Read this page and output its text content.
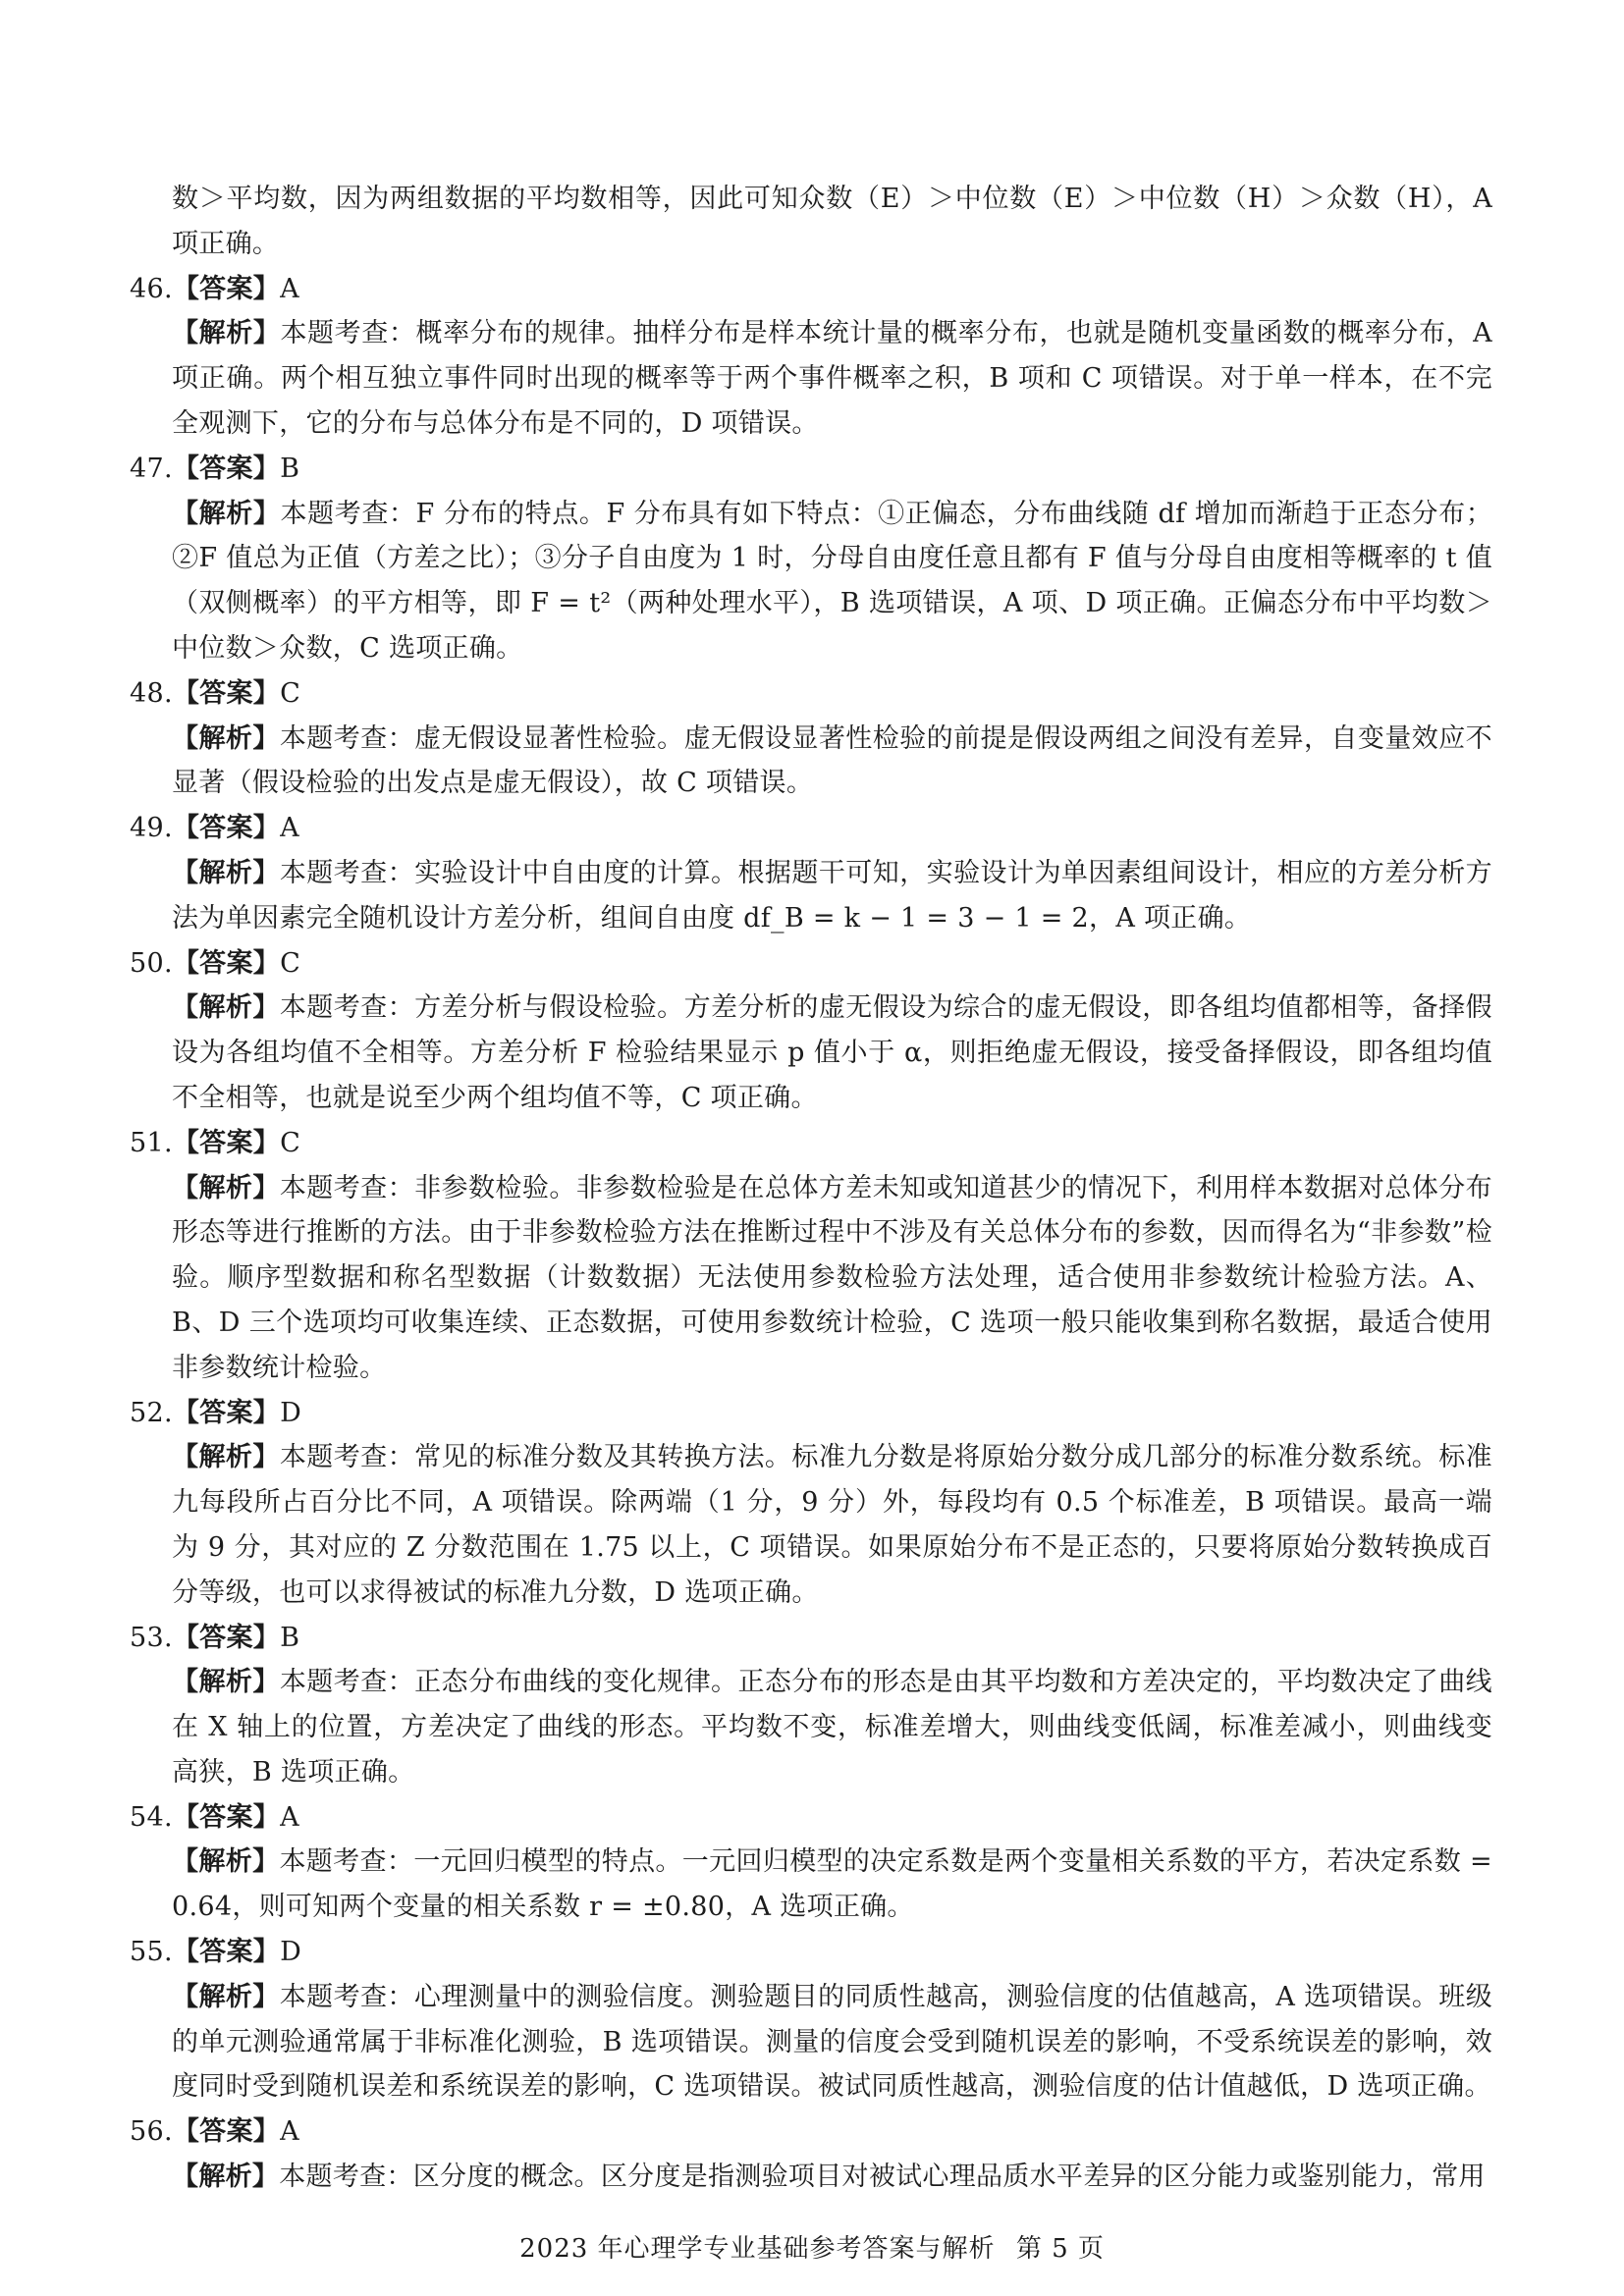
数＞平均数，因为两组数据的平均数相等，因此可知众数（E）＞中位数（E）＞中位数（H）＞众数（H），A 项正确。

46.【答案】A

【解析】本题考查：概率分布的规律。抽样分布是样本统计量的概率分布，也就是随机变量函数的概率分布，A 项正确。两个相互独立事件同时出现的概率等于两个事件概率之积，B 项和 C 项错误。对于单一样本，在不完全观测下，它的分布与总体分布是不同的，D 项错误。

47.【答案】B

【解析】本题考查：F 分布的特点。F 分布具有如下特点：①正偏态，分布曲线随 df 增加而渐趋于正态分布；②F 值总为正值（方差之比）；③分子自由度为 1 时，分母自由度任意且都有 F 值与分母自由度相等概率的 t 值（双侧概率）的平方相等，即 F = t²（两种处理水平），B 选项错误，A 项、D 项正确。正偏态分布中平均数＞中位数＞众数，C 选项正确。

48.【答案】C

【解析】本题考查：虚无假设显著性检验。虚无假设显著性检验的前提是假设两组之间没有差异，自变量效应不显著（假设检验的出发点是虚无假设），故 C 项错误。

49.【答案】A

【解析】本题考查：实验设计中自由度的计算。根据题干可知，实验设计为单因素组间设计，相应的方差分析方法为单因素完全随机设计方差分析，组间自由度 df_B = k − 1 = 3 − 1 = 2，A 项正确。

50.【答案】C

【解析】本题考查：方差分析与假设检验。方差分析的虚无假设为综合的虚无假设，即各组均值都相等，备择假设为各组均值不全相等。方差分析 F 检验结果显示 p 值小于 α，则拒绝虚无假设，接受备择假设，即各组均值不全相等，也就是说至少两个组均值不等，C 项正确。

51.【答案】C

【解析】本题考查：非参数检验。非参数检验是在总体方差未知或知道甚少的情况下，利用样本数据对总体分布形态等进行推断的方法。由于非参数检验方法在推断过程中不涉及有关总体分布的参数，因而得名为“非参数”检验。顺序型数据和称名型数据（计数数据）无法使用参数检验方法处理，适合使用非参数统计检验方法。A、B、D 三个选项均可收集连续、正态数据，可使用参数统计检验，C 选项一般只能收集到称名数据，最适合使用非参数统计检验。

52.【答案】D

【解析】本题考查：常见的标准分数及其转换方法。标准九分数是将原始分数分成几部分的标准分数系统。标准九每段所占百分比不同，A 项错误。除两端（1 分，9 分）外，每段均有 0.5 个标准差，B 项错误。最高一端为 9 分，其对应的 Z 分数范围在 1.75 以上，C 项错误。如果原始分布不是正态的，只要将原始分数转换成百分等级，也可以求得被试的标准九分数，D 选项正确。

53.【答案】B

【解析】本题考查：正态分布曲线的变化规律。正态分布的形态是由其平均数和方差决定的，平均数决定了曲线在 X 轴上的位置，方差决定了曲线的形态。平均数不变，标准差增大，则曲线变低阔，标准差减小，则曲线变高狭，B 选项正确。

54.【答案】A

【解析】本题考查：一元回归模型的特点。一元回归模型的决定系数是两个变量相关系数的平方，若决定系数 = 0.64，则可知两个变量的相关系数 r = ±0.80，A 选项正确。

55.【答案】D

【解析】本题考查：心理测量中的测验信度。测验题目的同质性越高，测验信度的估值越高，A 选项错误。班级的单元测验通常属于非标准化测验，B 选项错误。测量的信度会受到随机误差的影响，不受系统误差的影响，效度同时受到随机误差和系统误差的影响，C 选项错误。被试同质性越高，测验信度的估计值越低，D 选项正确。

56.【答案】A

【解析】本题考查：区分度的概念。区分度是指测验项目对被试心理品质水平差异的区分能力或鉴别能力，常用

2023 年心理学专业基础参考答案与解析 第 5 页
